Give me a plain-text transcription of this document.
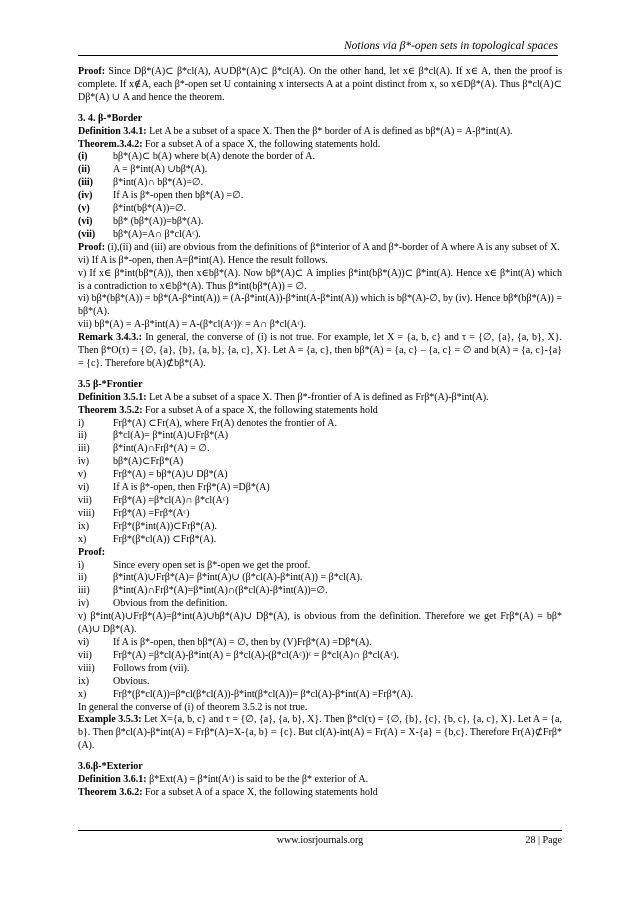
Notions via β*-open sets in topological spaces

Proof: Since Dβ*(A)⊂ β*cl(A), A∪Dβ*(A)⊂ β*cl(A). On the other hand, let x∈ β*cl(A). If x∈ A, then the proof is complete. If x∉A, each β*-open set U containing x intersects A at a point distinct from x, so x∈Dβ*(A). Thus β*cl(A)⊂ Dβ*(A) ∪ A and hence the theorem.

3. 4. β-*Border

Definition 3.4.1: Let A be a subset of a space X. Then the β* border of A is defined as bβ*(A) = A-β*int(A).

Theorem.3.4.2: For a subset A of a space X, the following statements hold.

(i)	bβ*(A)⊂ b(A) where b(A) denote the border of A.
(ii)	A = β*int(A) ∪bβ*(A).
(iii)	β*int(A)∩ bβ*(A)=∅.
(iv)	If A is β*-open then bβ*(A) =∅.
(v)	β*int(bβ*(A))=∅.
(vi)	bβ* (bβ*(A))=bβ*(A).
(vii)	bβ*(A)=A∩ β*cl(Aᶜ).

Proof: (i),(ii) and (iii) are obvious from the definitions of β*interior of A and β*-border of A where A is any subset of X.

vi) If A is β*-open, then A=β*int(A). Hence the result follows.

v) If x∈ β*int(bβ*(A)), then x∈bβ*(A). Now bβ*(A)⊂ A implies β*int(bβ*(A))⊂ β*int(A). Hence x∈ β*int(A) which is a contradiction to x∈bβ*(A). Thus β*int(bβ*(A)) = ∅.

vi) bβ*(bβ*(A)) = bβ*(A-β*int(A)) = (A-β*int(A))-β*int(A-β*int(A)) which is bβ*(A)-∅, by (iv). Hence bβ*(bβ*(A)) = bβ*(A).

vii) bβ*(A) = A-β*int(A) = A-(β*cl(Aᶜ))ᶜ = A∩ β*cl(Aᶜ).

Remark 3.4.3.: In general, the converse of (i) is not true. For example, let X = {a, b, c} and τ = {∅, {a}, {a, b}, X}. Then β*O(τ) = {∅, {a}, {b}, {a, b}, {a, c}, X}. Let A = {a, c}, then bβ*(A) = {a, c} – {a, c} = ∅ and b(A) = {a, c}-{a} = {c}. Therefore b(A)⊄bβ*(A).

3.5 β-*Frontier

Definition 3.5.1: Let A be a subset of a space X. Then β*-frontier of A is defined as Frβ*(A)-β*int(A).

Theorem 3.5.2: For a subset A of a space X, the following statements hold

i)	Frβ*(A) ⊂Fr(A), where Fr(A) denotes the frontier of A.
ii)	β*cl(A)= β*int(A)∪Frβ*(A)
iii)	β*int(A)∩Frβ*(A) = ∅.
iv)	bβ*(A)⊂Frβ*(A)
v)	Frβ*(A) = bβ*(A)∪ Dβ*(A)
vi)	If A is β*-open, then Frβ*(A) =Dβ*(A)
vii)	Frβ*(A) =β*cl(A)∩ β*cl(Aᶜ)
viii)	Frβ*(A) =Frβ*(Aᶜ)
ix)	Frβ*(β*int(A))⊂Frβ*(A).
x)	Frβ*(β*cl(A)) ⊂Frβ*(A).

Proof:

i)	Since every open set is β*-open we get the proof.
ii)	β*int(A)∪Frβ*(A)= β*int(A)∪ (β*cl(A)-β*int(A)) = β*cl(A).
iii)	β*int(A)∩Frβ*(A)=β*int(A)∩(β*cl(A)-β*int(A))=∅.
iv)	Obvious from the definition.

v) β*int(A)∪Frβ*(A)=β*int(A)∪bβ*(A)∪ Dβ*(A), is obvious from the definition. Therefore we get Frβ*(A) = bβ*(A)∪ Dβ*(A).

vi)	If A is β*-open, then bβ*(A) = ∅, then by (V)Frβ*(A) =Dβ*(A).
vii)	Frβ*(A) =β*cl(A)-β*int(A) = β*cl(A)-(β*cl(Aᶜ))ᶜ = β*cl(A)∩ β*cl(Aᶜ).
viii)	Follows from (vii).
ix)	Obvious.
x)	Frβ*(β*cl(A))=β*cl(β*cl(A))-β*int(β*cl(A))= β*cl(A)-β*int(A) =Frβ*(A).

In general the converse of (i) of theorem 3.5.2 is not true.

Example 3.5.3: Let X={a, b, c} and τ = {∅, {a}, {a, b}, X}. Then β*cl(τ) = {∅, {b}, {c}, {b, c}, {a, c}, X}. Let A = {a, b}. Then β*cl(A)-β*int(A) = Frβ*(A)=X-{a, b} = {c}. But cl(A)-int(A) = Fr(A) = X-{a} = {b,c}. Therefore Fr(A)⊄Frβ*(A).

3.6.β-*Exterior

Definition 3.6.1: β*Ext(A) = β*int(Aᶜ) is said to be the β* exterior of A.

Theorem 3.6.2: For a subset A of a space X, the following statements hold

www.iosrjournals.org	28 | Page
